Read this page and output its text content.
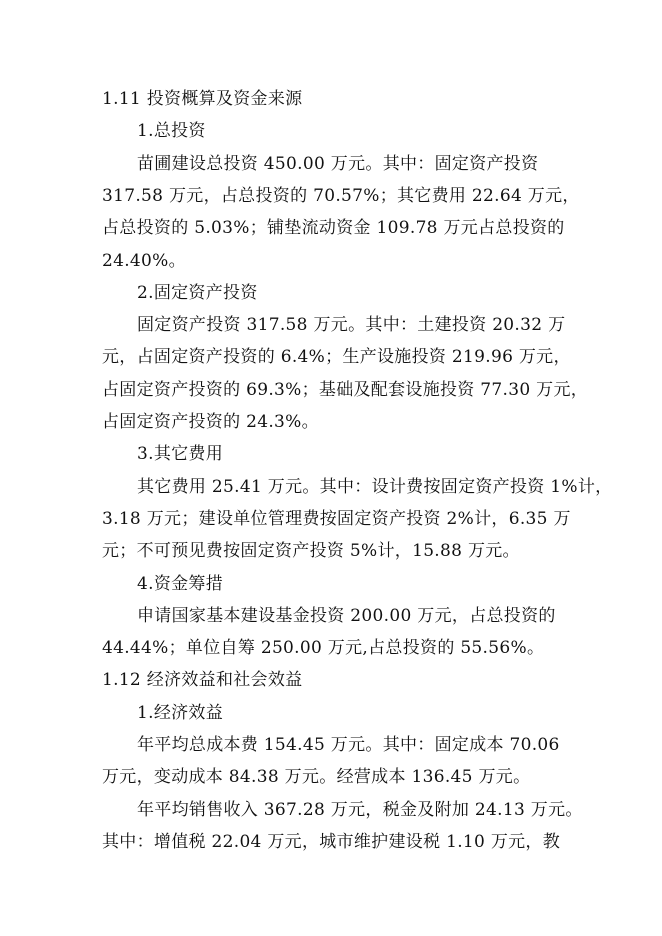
1.11 投资概算及资金来源
1.总投资
苗圃建设总投资 450.00 万元。其中：固定资产投资
317.58 万元，占总投资的 70.57%；其它费用 22.64 万元，
占总投资的 5.03%；铺垫流动资金 109.78 万元占总投资的
24.40%。
2.固定资产投资
固定资产投资 317.58 万元。其中：土建投资 20.32 万
元，占固定资产投资的 6.4%；生产设施投资 219.96 万元，
占固定资产投资的 69.3%；基础及配套设施投资 77.30 万元，
占固定资产投资的 24.3%。
3.其它费用
其它费用 25.41 万元。其中：设计费按固定资产投资 1%计，
3.18 万元；建设单位管理费按固定资产投资 2%计，6.35 万
元；不可预见费按固定资产投资 5%计，15.88 万元。
4.资金筹措
申请国家基本建设基金投资 200.00 万元，占总投资的
44.44%；单位自筹 250.00 万元,占总投资的 55.56%。
1.12 经济效益和社会效益
1.经济效益
年平均总成本费 154.45 万元。其中：固定成本 70.06
万元，变动成本 84.38 万元。经营成本 136.45 万元。
年平均销售收入 367.28 万元，税金及附加 24.13 万元。
其中：增值税 22.04 万元，城市维护建设税 1.10 万元，教
